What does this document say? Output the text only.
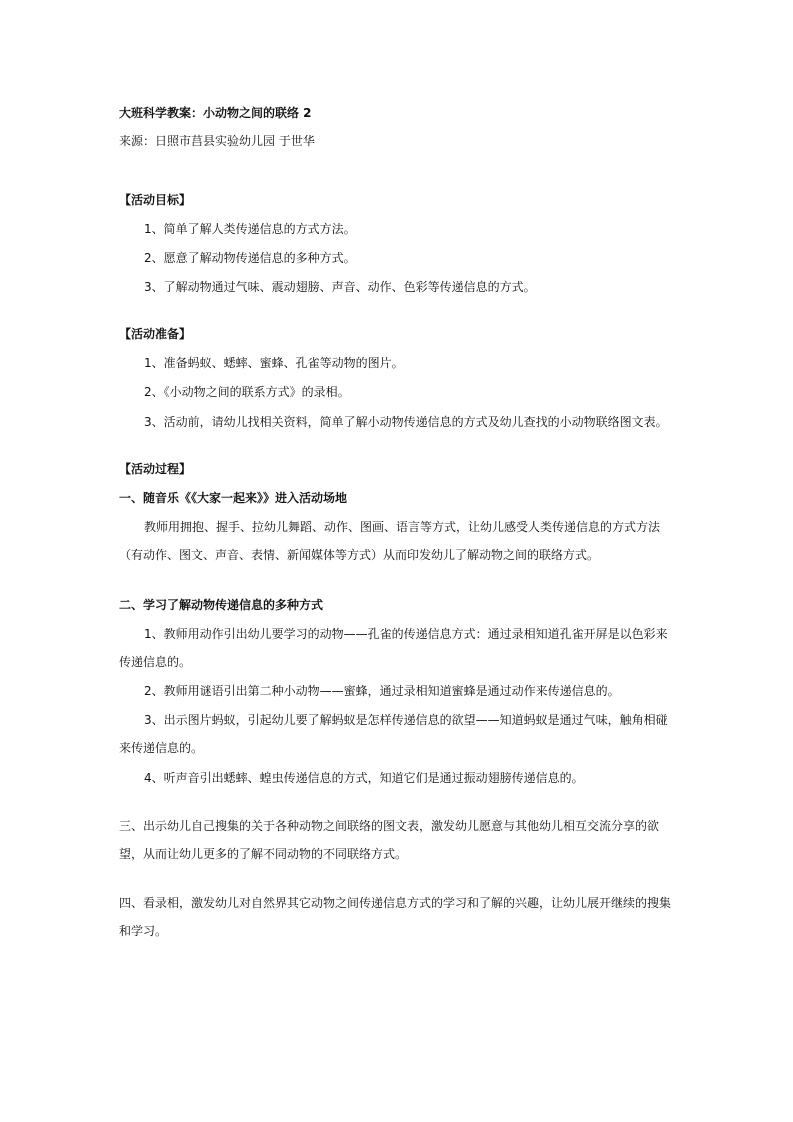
大班科学教案：小动物之间的联络 2
来源：日照市莒县实验幼儿园 于世华
【活动目标】
1、简单了解人类传递信息的方式方法。
2、愿意了解动物传递信息的多种方式。
3、了解动物通过气味、震动翅膀、声音、动作、色彩等传递信息的方式。
【活动准备】
1、准备蚂蚁、蟋蟀、蜜蜂、孔雀等动物的图片。
2、《小动物之间的联系方式》的录相。
3、活动前，请幼儿找相关资料，简单了解小动物传递信息的方式及幼儿查找的小动物联络图文表。
【活动过程】
一、随音乐《《大家一起来》》进入活动场地
教师用拥抱、握手、拉幼儿舞蹈、动作、图画、语言等方式，让幼儿感受人类传递信息的方式方法（有动作、图文、声音、表情、新闻媒体等方式）从而印发幼儿了解动物之间的联络方式。
二、学习了解动物传递信息的多种方式
1、教师用动作引出幼儿要学习的动物——孔雀的传递信息方式：通过录相知道孔雀开屏是以色彩来传递信息的。
2、教师用谜语引出第二种小动物——蜜蜂，通过录相知道蜜蜂是通过动作来传递信息的。
3、出示图片蚂蚁，引起幼儿要了解蚂蚁是怎样传递信息的欲望——知道蚂蚁是通过气味，触角相碰来传递信息的。
4、听声音引出蟋蟀、蝗虫传递信息的方式，知道它们是通过振动翅膀传递信息的。
三、出示幼儿自己搜集的关于各种动物之间联络的图文表，激发幼儿愿意与其他幼儿相互交流分享的欲望，从而让幼儿更多的了解不同动物的不同联络方式。
四、看录相，激发幼儿对自然界其它动物之间传递信息方式的学习和了解的兴趣，让幼儿展开继续的搜集和学习。
